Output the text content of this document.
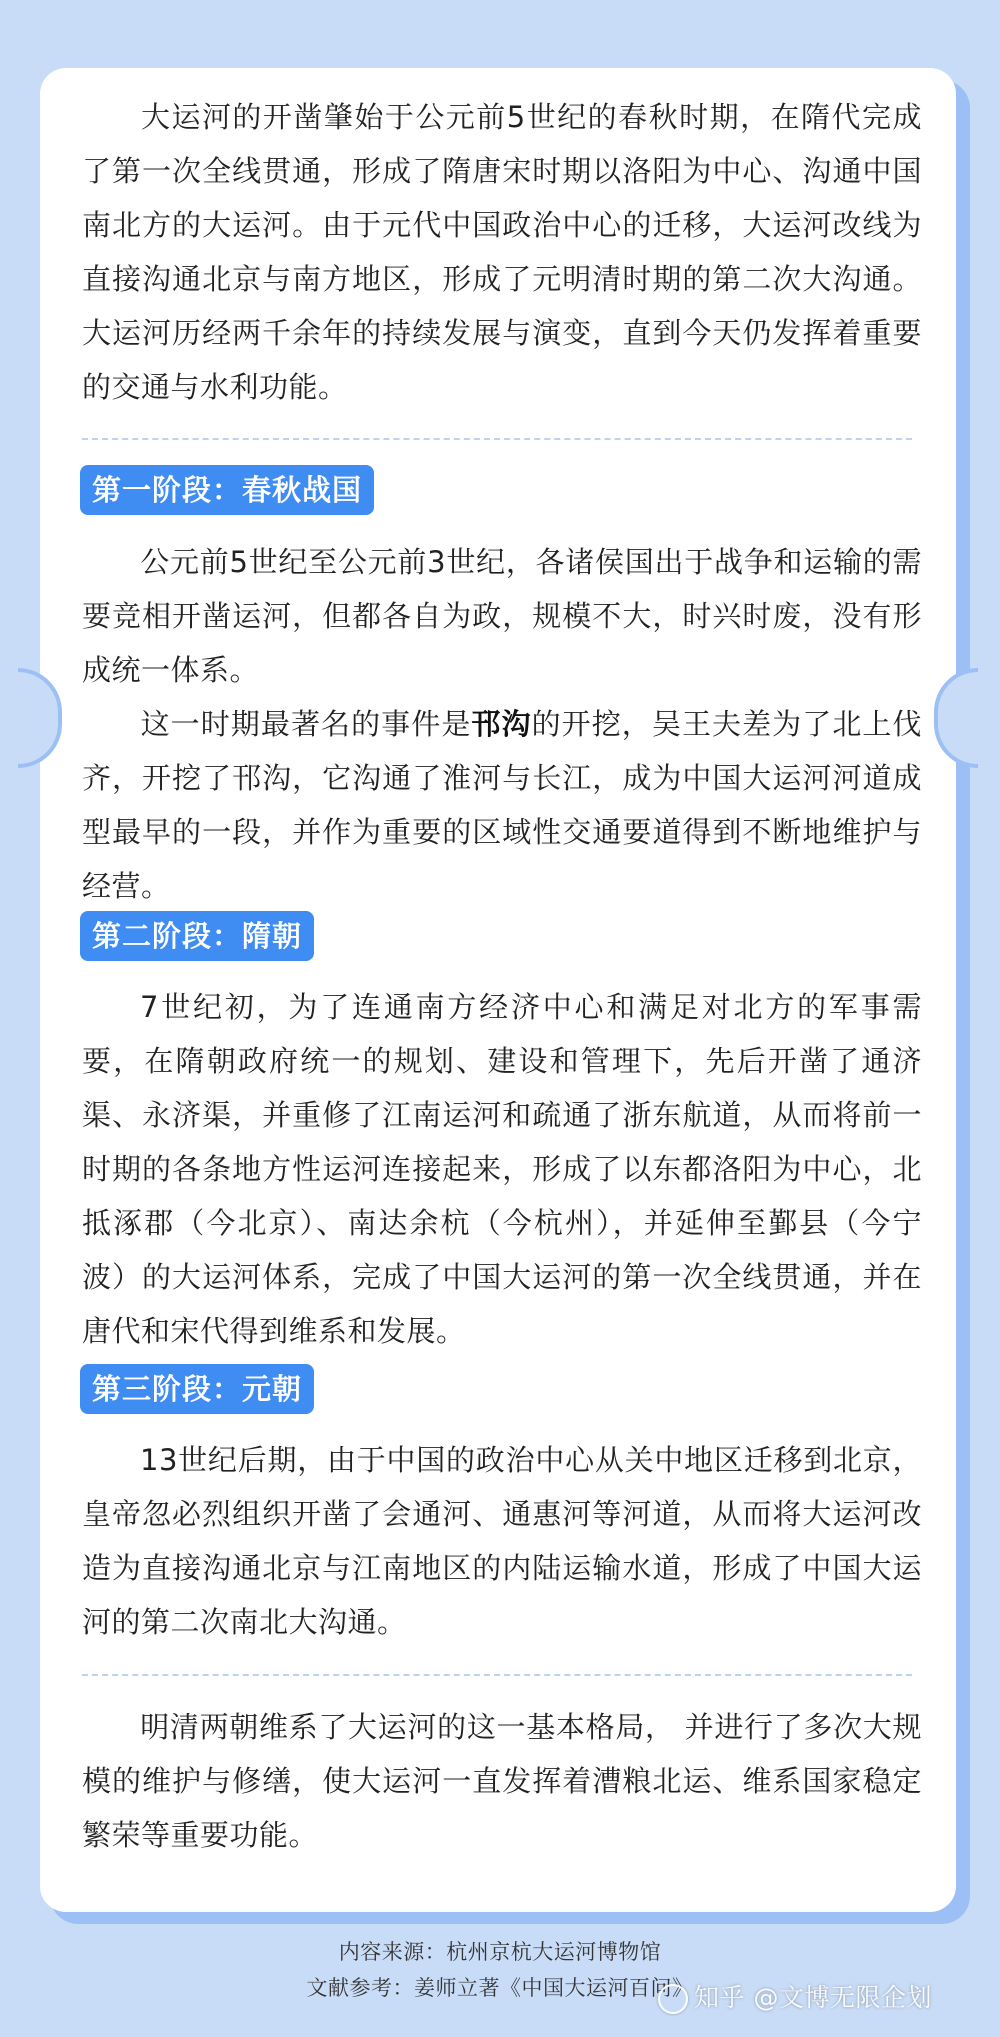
大运河的开凿肇始于公元前5世纪的春秋时期，在隋代完成了第一次全线贯通，形成了隋唐宋时期以洛阳为中心、沟通中国南北方的大运河。由于元代中国政治中心的迁移，大运河改线为直接沟通北京与南方地区，形成了元明清时期的第二次大沟通。大运河历经两千余年的持续发展与演变，直到今天仍发挥着重要的交通与水利功能。

第一阶段：春秋战国

公元前5世纪至公元前3世纪，各诸侯国出于战争和运输的需要竞相开凿运河，但都各自为政，规模不大，时兴时废，没有形成统一体系。

这一时期最著名的事件是邗沟的开挖，吴王夫差为了北上伐齐，开挖了邗沟，它沟通了淮河与长江，成为中国大运河河道成型最早的一段，并作为重要的区域性交通要道得到不断地维护与经营。

第二阶段：隋朝

7世纪初，为了连通南方经济中心和满足对北方的军事需要，在隋朝政府统一的规划、建设和管理下，先后开凿了通济渠、永济渠，并重修了江南运河和疏通了浙东航道，从而将前一时期的各条地方性运河连接起来，形成了以东都洛阳为中心，北抵涿郡（今北京）、南达余杭（今杭州），并延伸至鄞县（今宁波）的大运河体系，完成了中国大运河的第一次全线贯通，并在唐代和宋代得到维系和发展。

第三阶段：元朝

13世纪后期，由于中国的政治中心从关中地区迁移到北京，皇帝忽必烈组织开凿了会通河、通惠河等河道，从而将大运河改造为直接沟通北京与江南地区的内陆运输水道，形成了中国大运河的第二次南北大沟通。

明清两朝维系了大运河的这一基本格局， 并进行了多次大规模的维护与修缮，使大运河一直发挥着漕粮北运、维系国家稳定繁荣等重要功能。

内容来源：杭州京杭大运河博物馆
文献参考：姜师立著《中国大运河百问》 知乎 @文博无限企划
